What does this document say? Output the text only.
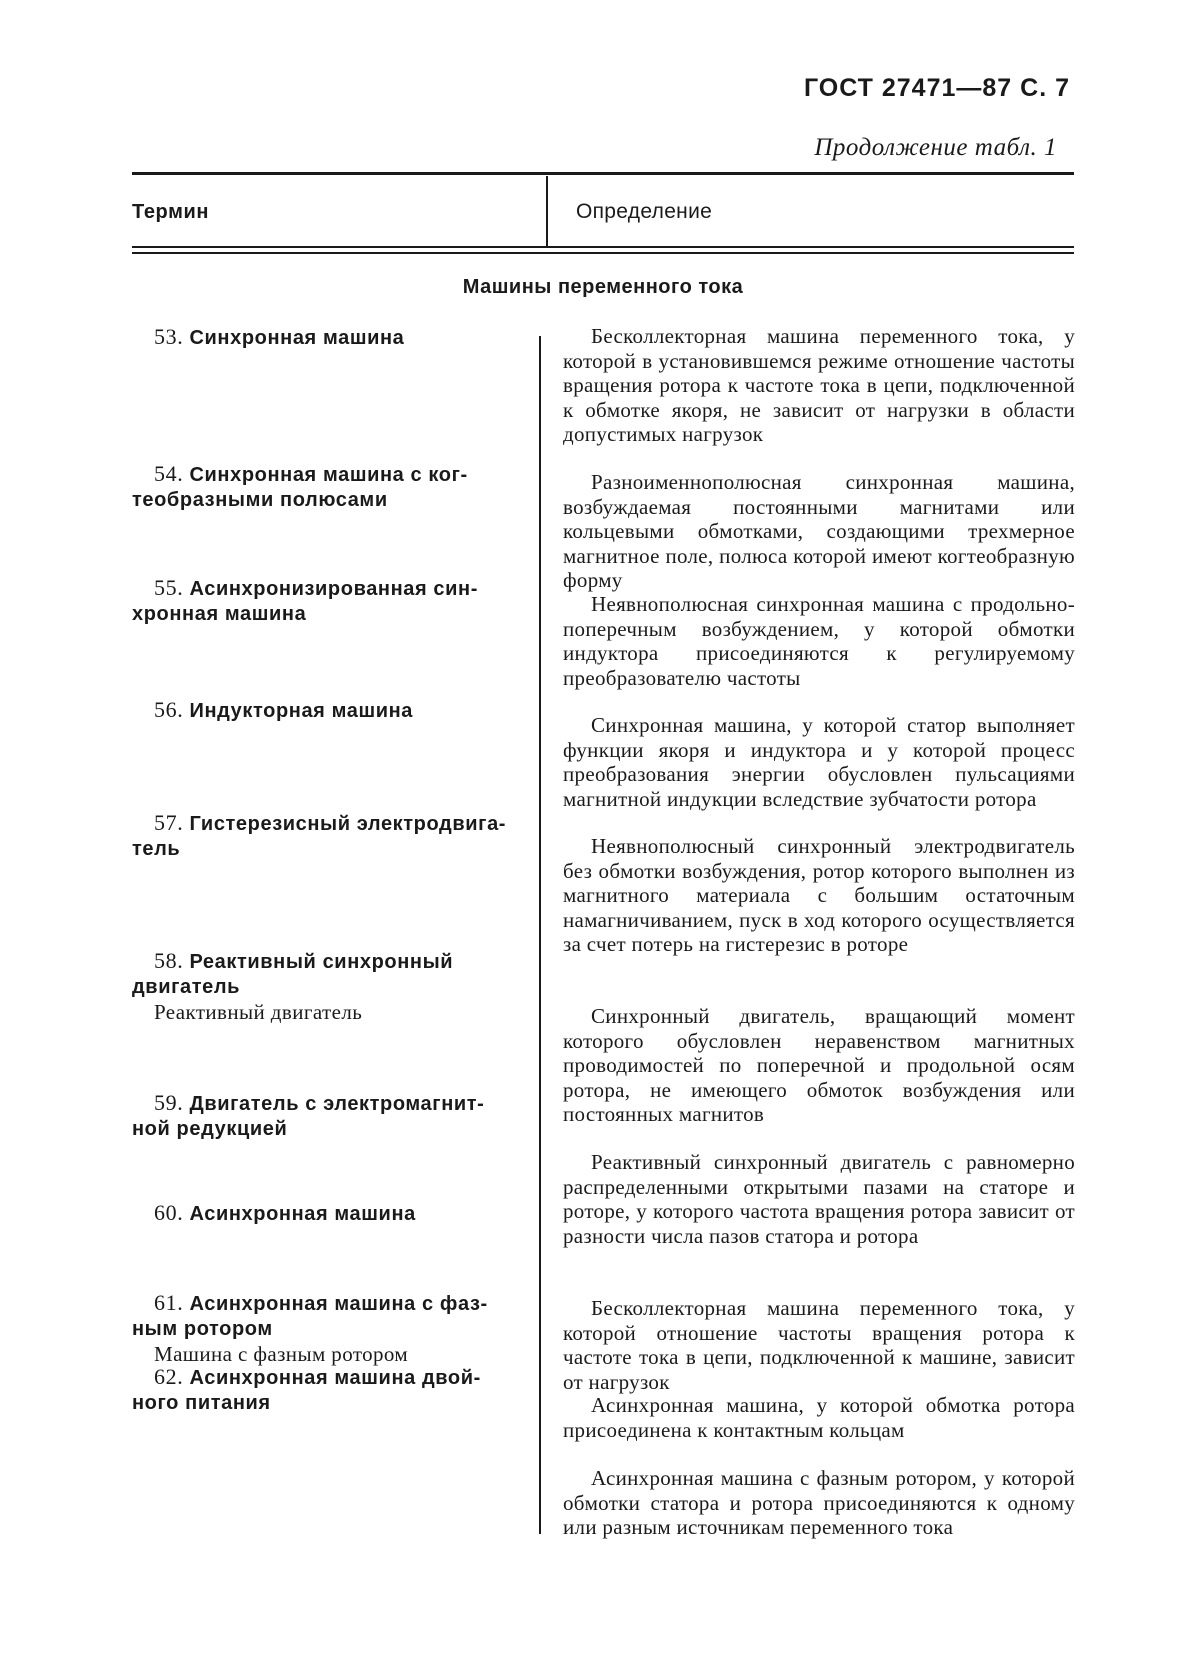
ГОСТ 27471—87 С. 7
Продолжение табл. 1
Термин	Определение
Машины переменного тока
53. Синхронная машина
54. Синхронная машина с ког-
теобразными полюсами
55. Асинхронизированная син-
хронная машина
56. Индукторная машина
57. Гистерезисный электродвига-
тель
58. Реактивный синхронный
двигатель
Реактивный двигатель
59. Двигатель с электромагнит-
ной редукцией
60. Асинхронная машина
61. Асинхронная машина с фаз-
ным ротором
Машина с фазным ротором
62. Асинхронная машина двой-
ного питания

Бесколлекторная машина переменного тока, у которой в установившемся режиме отношение частоты вращения ротора к частоте тока в цепи, подключенной к обмотке якоря, не зависит от нагрузки в области допустимых нагрузок

Разноименнополюсная синхронная машина, возбуждаемая постоянными магнитами или кольцевыми обмотками, создающими трехмерное магнитное поле, полюса которой имеют когтеобразную форму

Неявнополюсная синхронная машина с продольно-поперечным возбуждением, у которой обмотки индуктора присоединяются к регулируемому преобразователю частоты

Синхронная машина, у которой статор выполняет функции якоря и индуктора и у которой процесс преобразования энергии обусловлен пульсациями магнитной индукции вследствие зубчатости ротора

Неявнополюсный синхронный электродвигатель без обмотки возбуждения, ротор которого выполнен из магнитного материала с большим остаточным намагничиванием, пуск в ход которого осуществляется за счет потерь на гистерезис в роторе

Синхронный двигатель, вращающий момент которого обусловлен неравенством магнитных проводимостей по поперечной и продольной осям ротора, не имеющего обмоток возбуждения или постоянных магнитов

Реактивный синхронный двигатель с равномерно распределенными открытыми пазами на статоре и роторе, у которого частота вращения ротора зависит от разности числа пазов статора и ротора

Бесколлекторная машина переменного тока, у которой отношение частоты вращения ротора к частоте тока в цепи, подключенной к машине, зависит от нагрузок

Асинхронная машина, у которой обмотка ротора присоединена к контактным кольцам

Асинхронная машина с фазным ротором, у которой обмотки статора и ротора присоединяются к одному или разным источникам переменного тока
